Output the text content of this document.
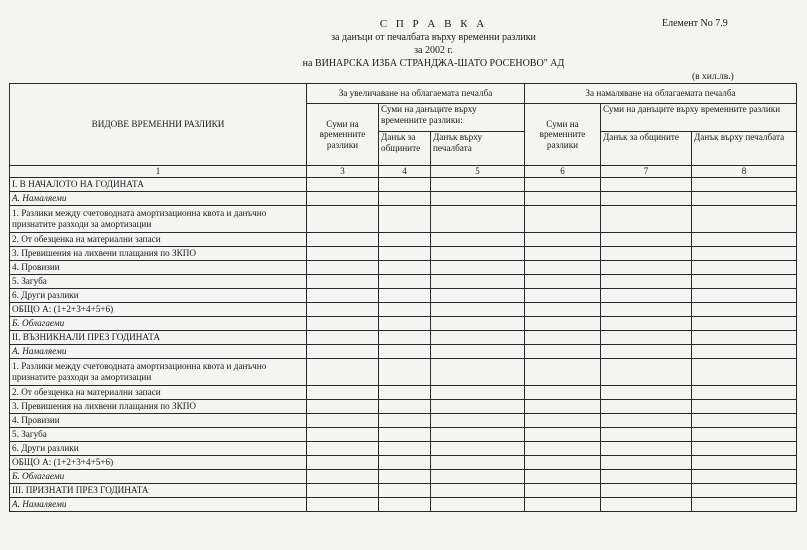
С П Р А В К А
за данъци от печалбата върху временни разлики
за 2002 г.
на ВИНАРСКА ИЗБА СТРАНДЖА-ШАТО РОСЕНОВО" АД
Елемент No 7.9
(в хил.лв.)
ВИДОВЕ ВРЕМЕННИ РАЗЛИКИ	За увеличаване на облагаемата печалба			За намаляване на облагаемата печалба		
	Суми на временните разлики	Суми на данъците върху временните разлики:		Суми на временните разлики	Суми на данъците върху временните разлики	
		Данък за общините	Данък върху печалбата		Данък за общините	Данък върху печалбата
1	3	4	5	6	7	8
I. В НАЧАЛОТО НА ГОДИНАТА						
А. Намаляеми						
1. Разлики между счетоводната амортизационна квота и данъчно признатите разходи за амортизации						
2. От обезценка на материални запаси						
3. Превишения на лихвени плащания по ЗКПО						
4. Провизии						
5. Загуба						
6. Други разлики						
ОБЩО А: (1+2+3+4+5+6)						
Б. Облагаеми						
II. ВЪЗНИКНАЛИ ПРЕЗ ГОДИНАТА						
А. Намаляеми						
1. Разлики между счетоводната амортизационна квота и данъчно признатите разходи за амортизации						
2. От обезценка на материални запаси						
3. Превишения на лихвени плащания по ЗКПО						
4. Провизии						
5. Загуба						
6. Други разлики						
ОБЩО А: (1+2+3+4+5+6)						
Б. Облагаеми						
III. ПРИЗНАТИ ПРЕЗ ГОДИНАТА						
А. Намаляеми						
